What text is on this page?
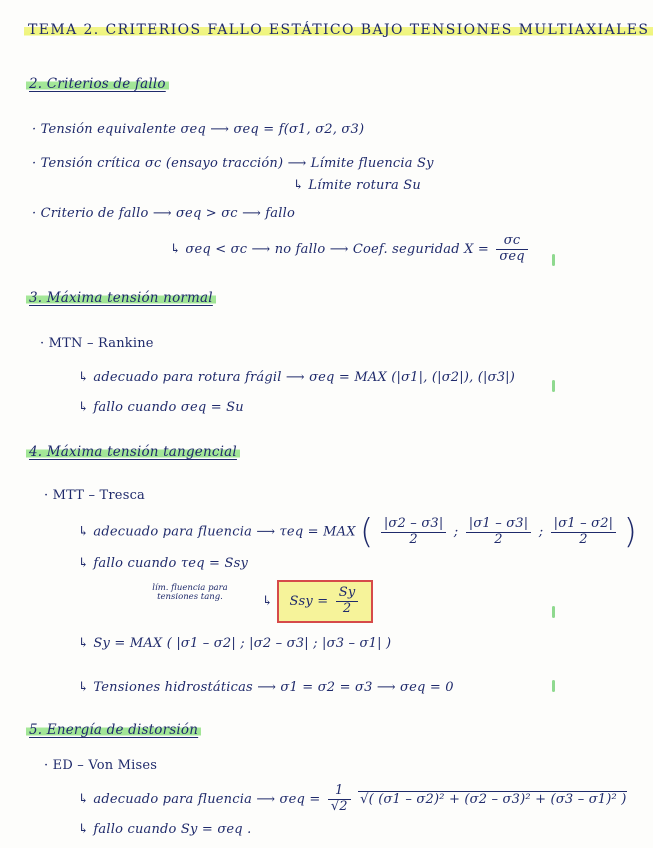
TEMA 2. CRITERIOS FALLO ESTÁTICO BAJO TENSIONES MULTIAXIALES
2. Criterios de fallo
· Tensión equivalente σeq ⟶ σeq = f(σ1, σ2, σ3)
· Tensión crítica σc (ensayo tracción) ⟶ Límite fluencia Sy
↳ Límite rotura Su
· Criterio de fallo ⟶ σeq > σc ⟶ fallo
↳ σeq < σc ⟶ no fallo ⟶ Coef. seguridad $X = \frac{\sigma c}{\text{σeq}}$
3. Máxima tensión normal
· MTN – Rankine
↳ adecuado para rotura frágil ⟶ σeq = MAX (|σ1|, (|σ2|), (|σ3|)
↳ fallo cuando σeq = Su
4. Máxima tensión tangencial
· MTT – Tresca
↳ adecuado para fluencia ⟶ τeq = MAX ( $\frac{|\sigma 2 - \sigma 3|}{2}$ ; $\frac{|\sigma 1 - \sigma 3|}{2}$ ; $\frac{|\sigma 1 - \sigma 2|}{2}$ )
↳ fallo cuando τeq = Ssy
lím. fluencia para tensiones tang.	↳ Ssy = $\frac{Sy}{2}$
↳ Sy = MAX ( |σ1 – σ2| ; |σ2 – σ3| ; |σ3 – σ1| )
↳ Tensiones hidrostáticas ⟶ σ1 = σ2 = σ3 ⟶ σeq = 0
5. Energía de distorsión
· ED – Von Mises
↳ adecuado para fluencia ⟶ $\sigma eq = \frac{1}{√2}$ √( (σ1 – σ2)² + (σ2 – σ3)² + (σ3 – σ1)² )
↳ fallo cuando Sy = σeq .
